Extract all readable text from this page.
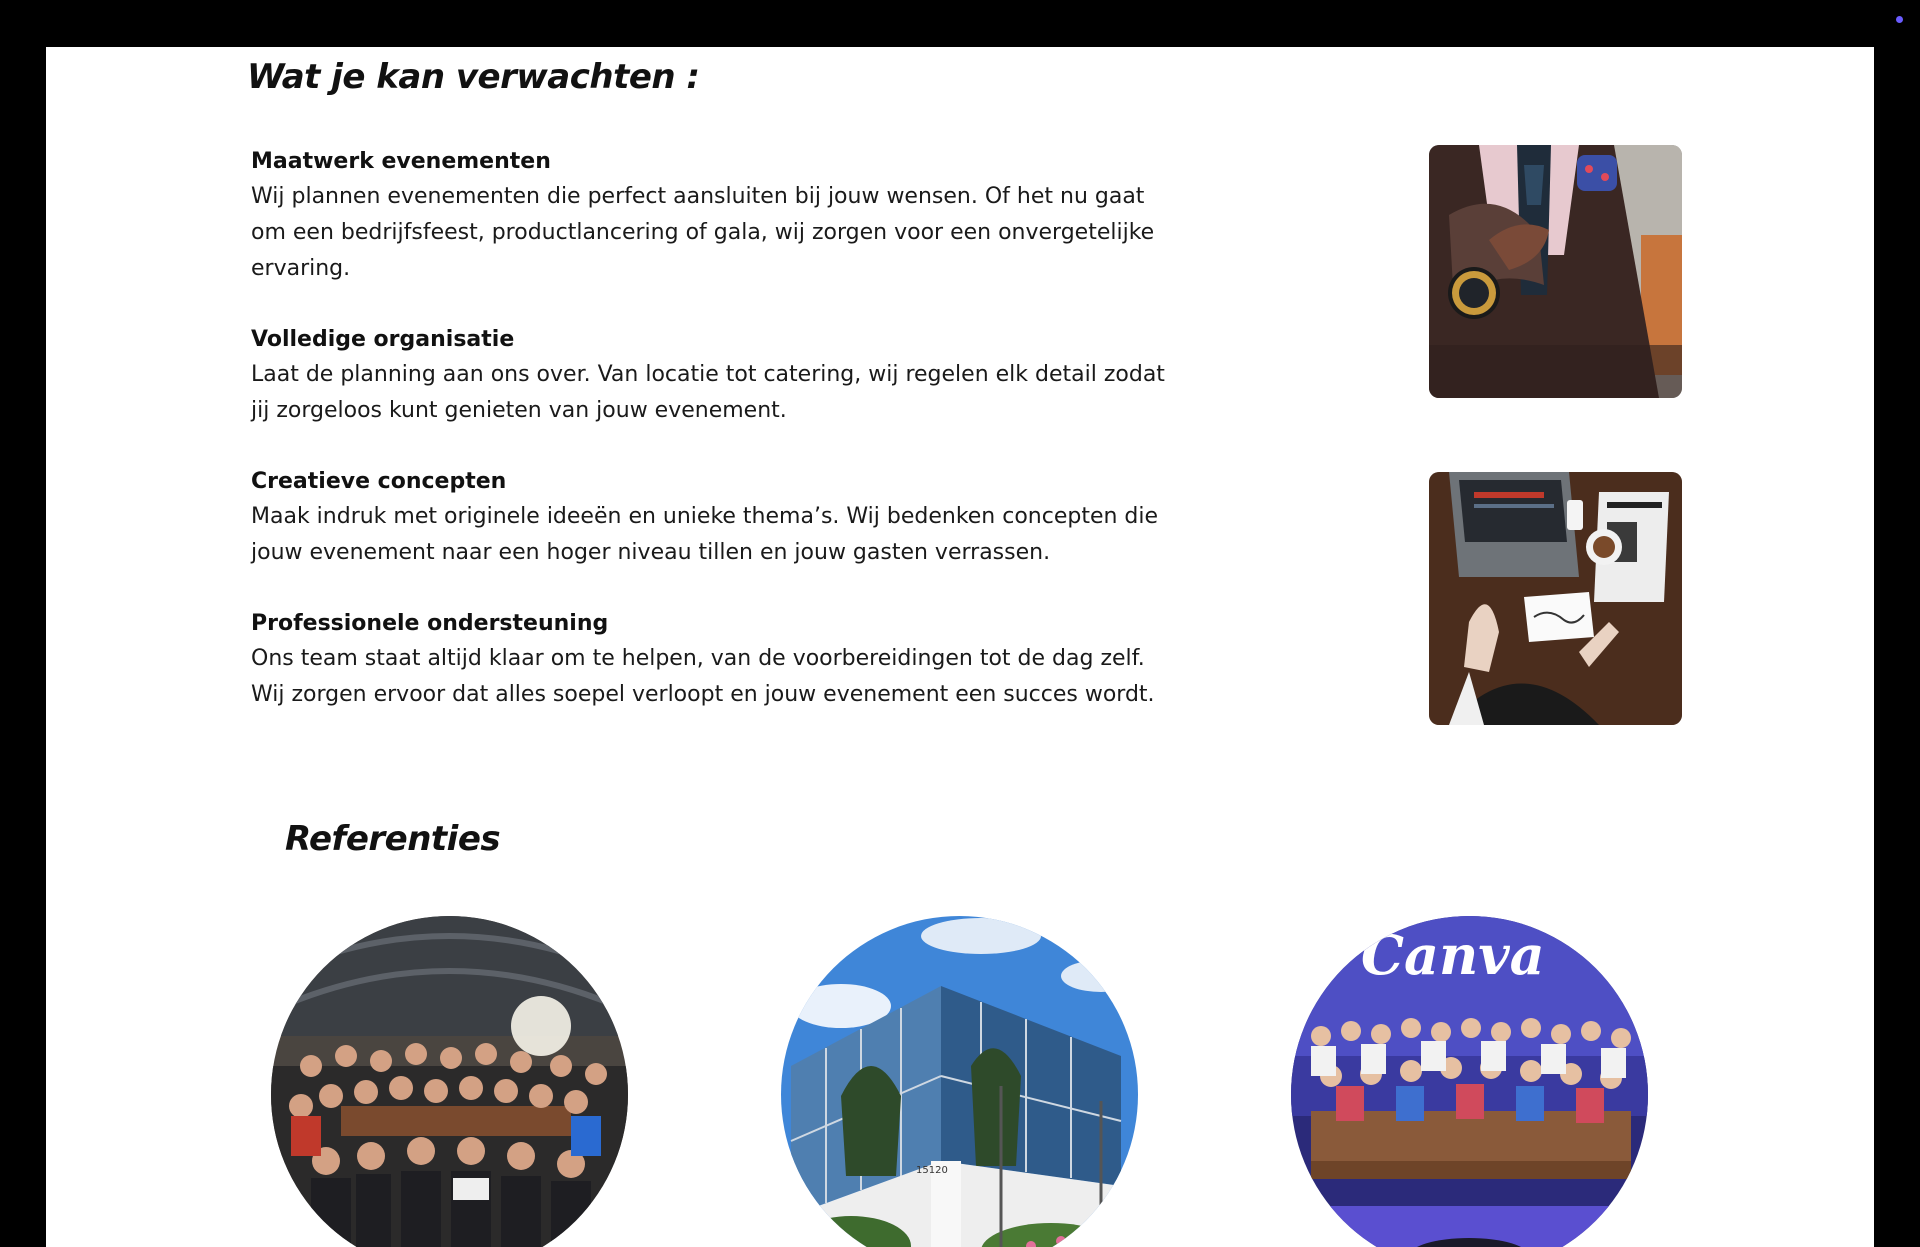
Wat je kan verwachten :

Maatwerk evenementen

Wij plannen evenementen die perfect aansluiten bij jouw wensen. Of het nu gaat
om een bedrijfsfeest, productlancering of gala, wij zorgen voor een onvergetelijke
ervaring.

Volledige organisatie

Laat de planning aan ons over. Van locatie tot catering, wij regelen elk detail zodat
jij zorgeloos kunt genieten van jouw evenement.

Creatieve concepten

Maak indruk met originele ideeën en unieke thema’s. Wij bedenken concepten die
jouw evenement naar een hoger niveau tillen en jouw gasten verrassen.

Professionele ondersteuning

Ons team staat altijd klaar om te helpen, van de voorbereidingen tot de dag zelf.
Wij zorgen ervoor dat alles soepel verloopt en jouw evenement een succes wordt.

Referenties
15120
Canva
